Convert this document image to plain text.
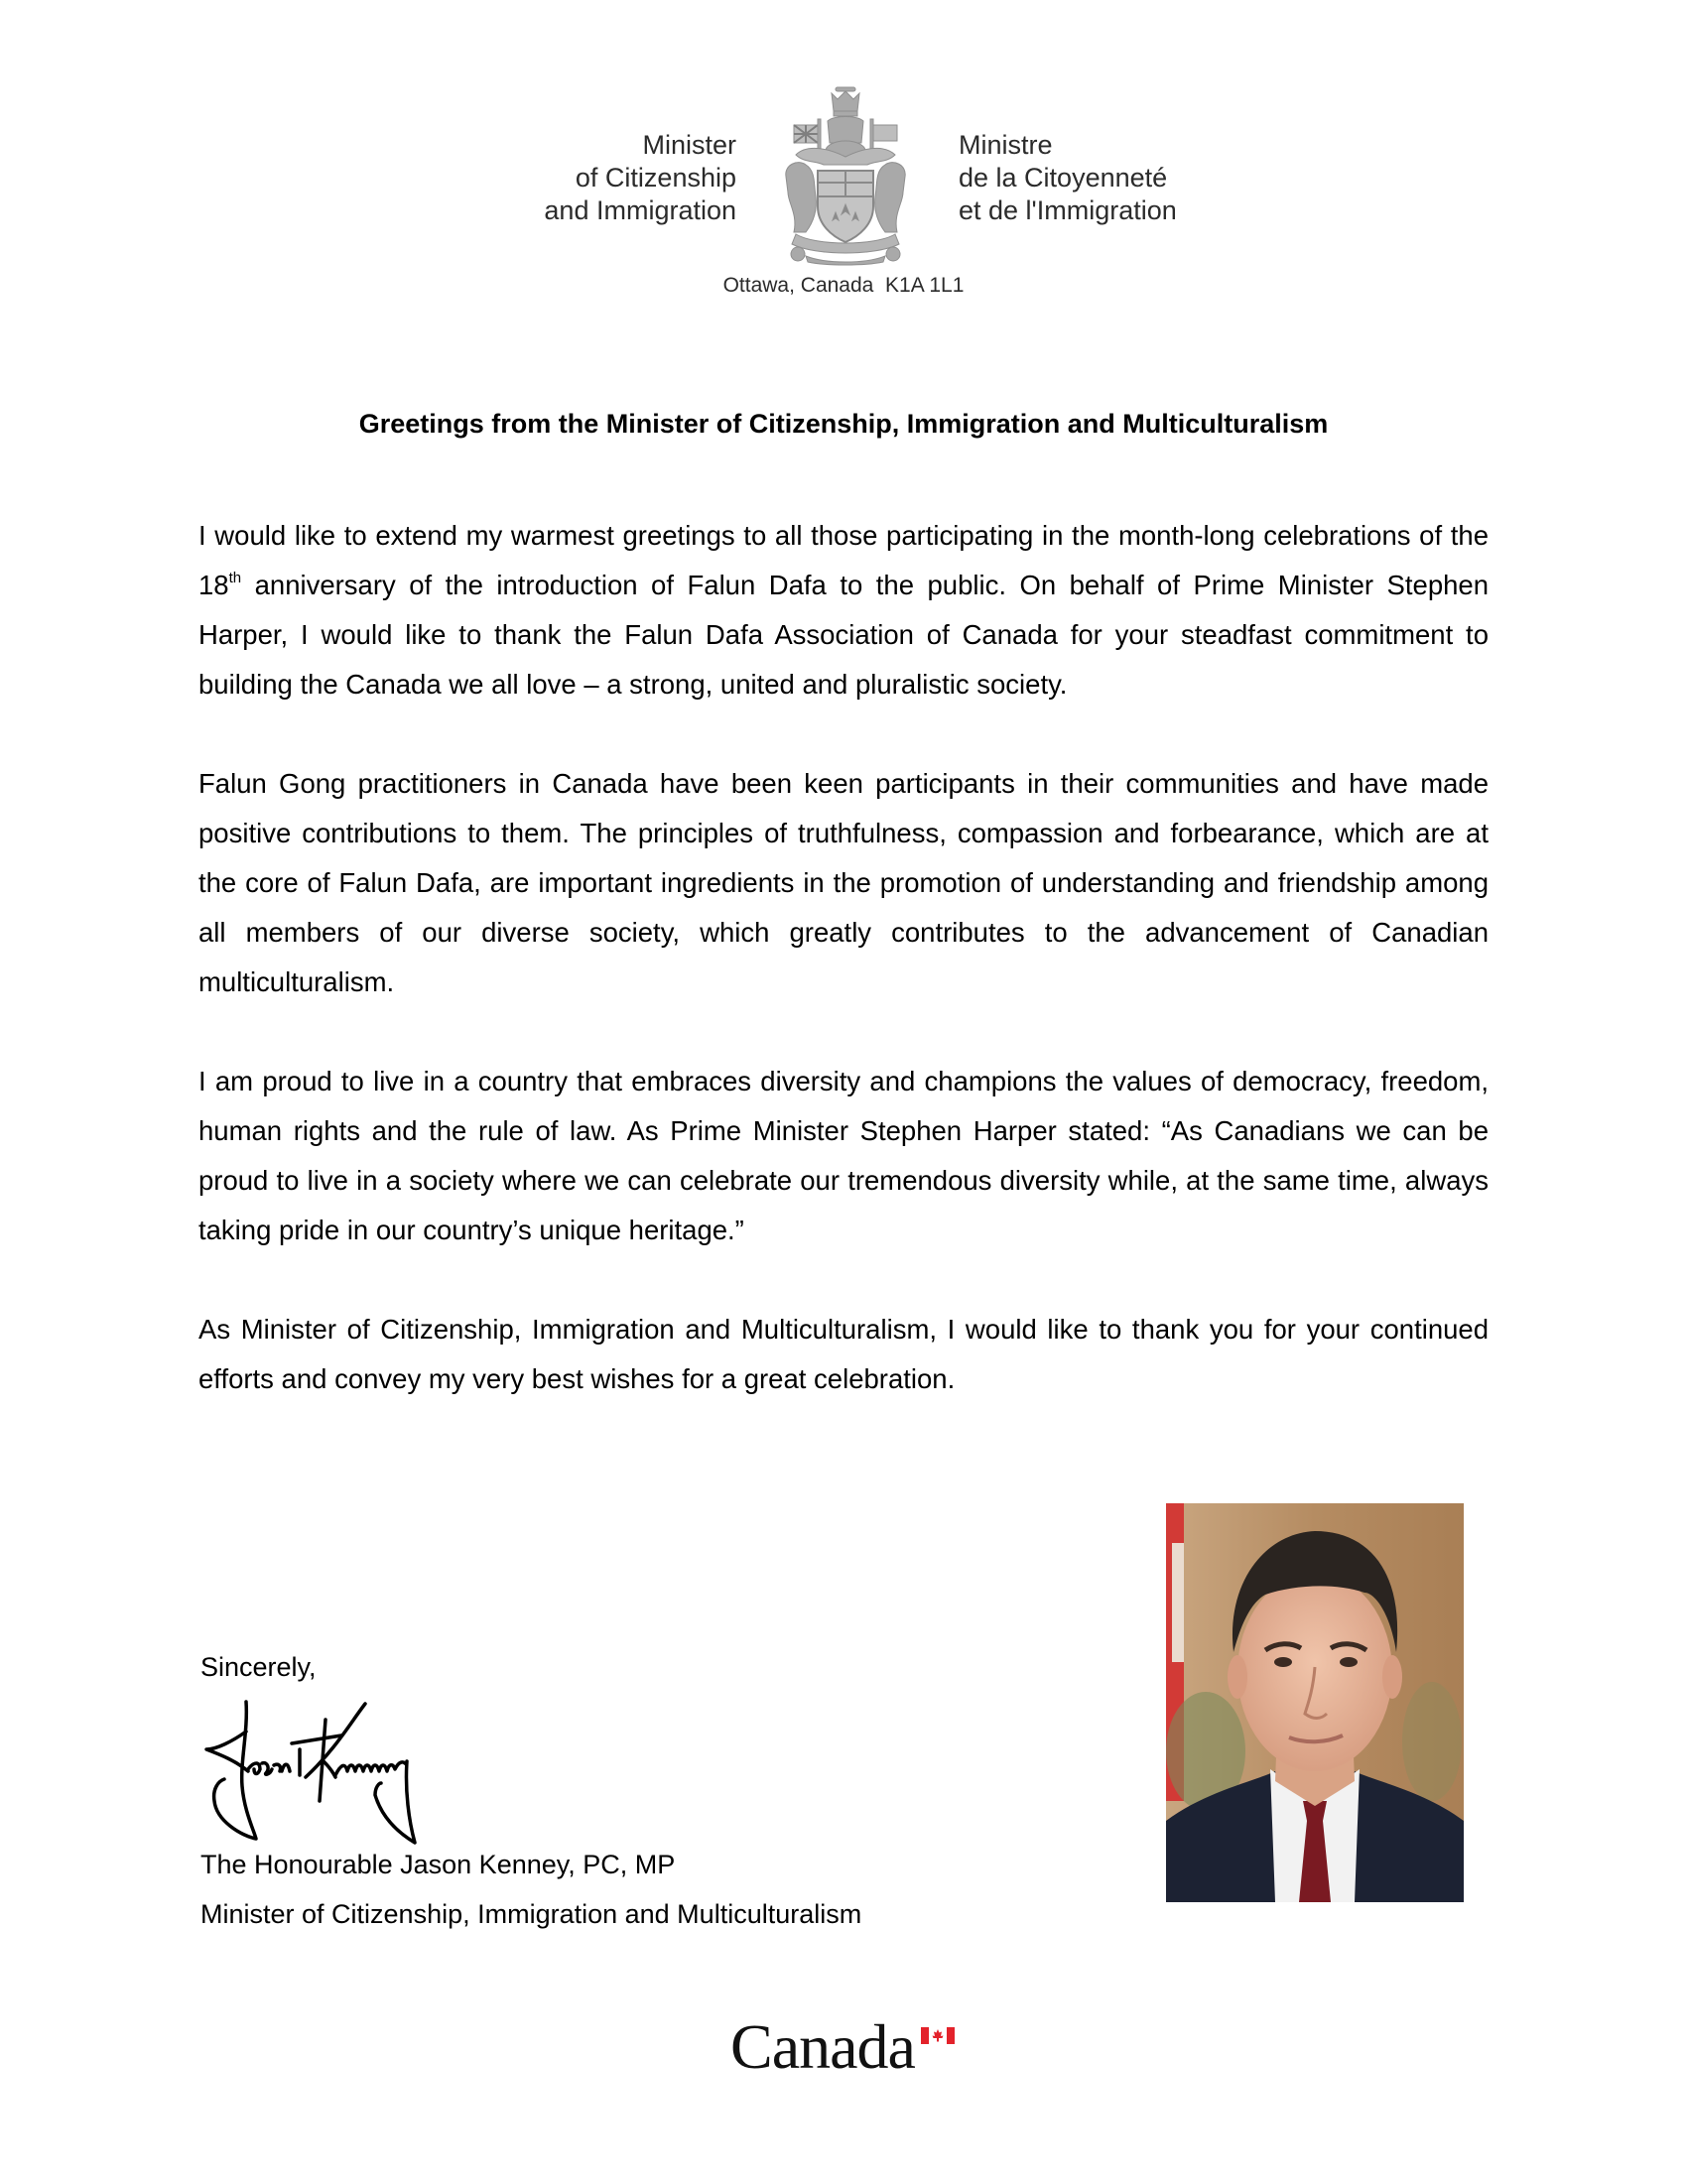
Minister
of Citizenship
and Immigration
Ministre
de la Citoyenneté
et de l'Immigration
Ottawa, Canada  K1A 1L1
Greetings from the Minister of Citizenship, Immigration and Multiculturalism

I would like to extend my warmest greetings to all those participating in the month-long celebrations of the 18th anniversary of the introduction of Falun Dafa to the public. On behalf of Prime Minister Stephen Harper, I would like to thank the Falun Dafa Association of Canada for your steadfast commitment to building the Canada we all love – a strong, united and pluralistic society.

Falun Gong practitioners in Canada have been keen participants in their communities and have made positive contributions to them. The principles of truthfulness, compassion and forbearance, which are at the core of Falun Dafa, are important ingredients in the promotion of understanding and friendship among all members of our diverse society, which greatly contributes to the advancement of Canadian multiculturalism.

I am proud to live in a country that embraces diversity and champions the values of democracy, freedom, human rights and the rule of law. As Prime Minister Stephen Harper stated: “As Canadians we can be proud to live in a society where we can celebrate our tremendous diversity while, at the same time, always taking pride in our country’s unique heritage.”

As Minister of Citizenship, Immigration and Multiculturalism, I would like to thank you for your continued efforts and convey my very best wishes for a great celebration.

Sincerely,
The Honourable Jason Kenney, PC, MP
Minister of Citizenship, Immigration and Multiculturalism
Canada
